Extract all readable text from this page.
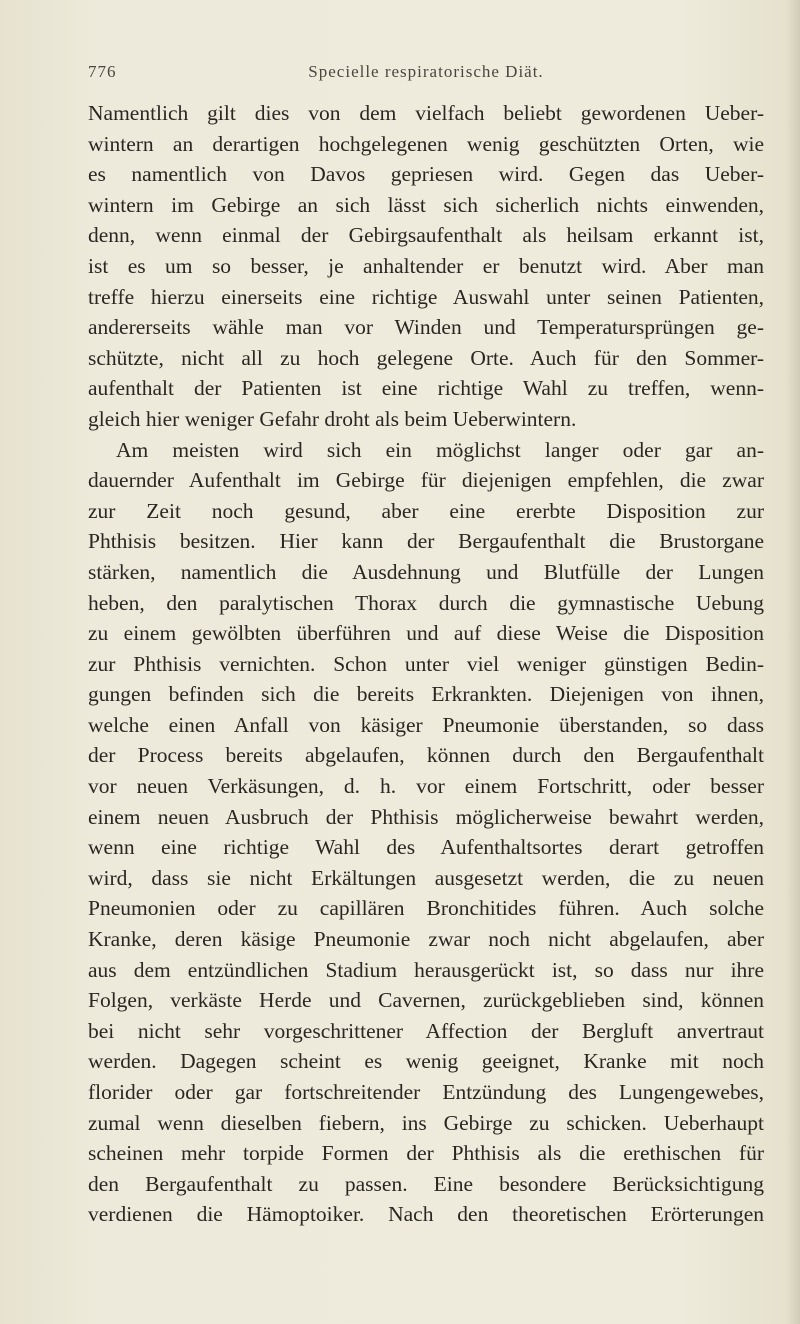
776	Specielle respiratorische Diät.
Namentlich gilt dies von dem vielfach beliebt gewordenen Ueber-
wintern an derartigen hochgelegenen wenig geschützten Orten, wie
es namentlich von Davos gepriesen wird. Gegen das Ueber-
wintern im Gebirge an sich lässt sich sicherlich nichts einwenden,
denn, wenn einmal der Gebirgsaufenthalt als heilsam erkannt ist,
ist es um so besser, je anhaltender er benutzt wird. Aber man
treffe hierzu einerseits eine richtige Auswahl unter seinen Patienten,
andererseits wähle man vor Winden und Temperatursprüngen ge-
schützte, nicht all zu hoch gelegene Orte. Auch für den Sommer-
aufenthalt der Patienten ist eine richtige Wahl zu treffen, wenn-
gleich hier weniger Gefahr droht als beim Ueberwintern.
Am meisten wird sich ein möglichst langer oder gar an-
dauernder Aufenthalt im Gebirge für diejenigen empfehlen, die zwar
zur Zeit noch gesund, aber eine ererbte Disposition zur
Phthisis besitzen. Hier kann der Bergaufenthalt die Brustorgane
stärken, namentlich die Ausdehnung und Blutfülle der Lungen
heben, den paralytischen Thorax durch die gymnastische Uebung
zu einem gewölbten überführen und auf diese Weise die Disposition
zur Phthisis vernichten. Schon unter viel weniger günstigen Bedin-
gungen befinden sich die bereits Erkrankten. Diejenigen von ihnen,
welche einen Anfall von käsiger Pneumonie überstanden, so dass
der Process bereits abgelaufen, können durch den Bergaufenthalt
vor neuen Verkäsungen, d. h. vor einem Fortschritt, oder besser
einem neuen Ausbruch der Phthisis möglicherweise bewahrt werden,
wenn eine richtige Wahl des Aufenthaltsortes derart getroffen
wird, dass sie nicht Erkältungen ausgesetzt werden, die zu neuen
Pneumonien oder zu capillären Bronchitides führen. Auch solche
Kranke, deren käsige Pneumonie zwar noch nicht abgelaufen, aber
aus dem entzündlichen Stadium herausgerückt ist, so dass nur ihre
Folgen, verkäste Herde und Cavernen, zurückgeblieben sind, können
bei nicht sehr vorgeschrittener Affection der Bergluft anvertraut
werden. Dagegen scheint es wenig geeignet, Kranke mit noch
florider oder gar fortschreitender Entzündung des Lungengewebes,
zumal wenn dieselben fiebern, ins Gebirge zu schicken. Ueberhaupt
scheinen mehr torpide Formen der Phthisis als die erethischen für
den Bergaufenthalt zu passen. Eine besondere Berücksichtigung
verdienen die Hämoptoiker. Nach den theoretischen Erörterungen
